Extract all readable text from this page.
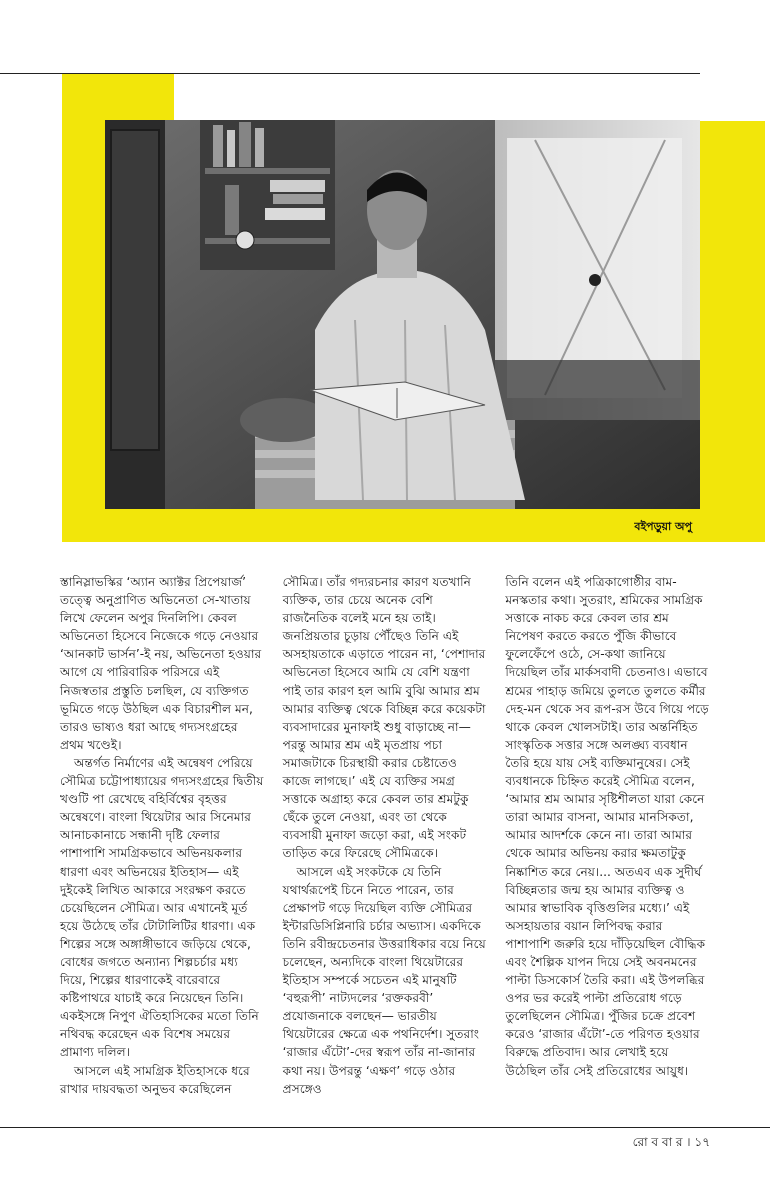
বইপড়ুয়া অপু

স্তানিস্লাভস্কির ‘অ্যান অ্যাক্টর প্রিপেয়ার্জ’ তত্ত্বে অনুপ্রাণিত অভিনেতা সে-খাতায় লিখে ফেলেন অপুর দিনলিপি। কেবল অভিনেতা হিসেবে নিজেকে গড়ে নেওয়ার ‘আনকাট ভার্সন’-ই নয়, অভিনেতা হওয়ার আগে যে পারিবারিক পরিসরে এই নিজস্বতার প্রস্তুতি চলছিল, যে ব্যক্তিগত ভূমিতে গড়ে উঠছিল এক বিচারশীল মন, তারও ভাষ্যও ধরা আছে গদ্যসংগ্রহের প্রথম খণ্ডেই।

অন্তর্গত নির্মাণের এই অন্বেষণ পেরিয়ে সৌমিত্র চট্টোপাধ্যায়ের গদ্যসংগ্রহের দ্বিতীয় খণ্ডটি পা রেখেছে বহির্বিশ্বের বৃহত্তর অন্বেষণে। বাংলা থিয়েটার আর সিনেমার আনাচকানাচে সন্ধানী দৃষ্টি ফেলার পাশাপাশি সামগ্রিকভাবে অভিনয়কলার ধারণা এবং অভিনয়ের ইতিহাস— এই দুইকেই লিখিত আকারে সংরক্ষণ করতে চেয়েছিলেন সৌমিত্র। আর এখানেই মূর্ত হয়ে উঠেছে তাঁর টোটালিটির ধারণা। এক শিল্পের সঙ্গে অঙ্গাঙ্গীভাবে জড়িয়ে থেকে, বোধের জগতে অন্যান্য শিল্পচর্চার মধ্য দিয়ে, শিল্পের ধারণাকেই বারেবারে কষ্টিপাথরে যাচাই করে নিয়েছেন তিনি। একইসঙ্গে নিপুণ ঐতিহাসিকের মতো তিনি নথিবদ্ধ করেছেন এক বিশেষ সময়ের প্রামাণ্য দলিল।

আসলে এই সামগ্রিক ইতিহাসকে ধরে রাখার দায়বদ্ধতা অনুভব করেছিলেন

সৌমিত্র। তাঁর গদ্যরচনার কারণ যতখানি ব্যক্তিক, তার চেয়ে অনেক বেশি রাজনৈতিক বলেই মনে হয় তাই। জনপ্রিয়তার চূড়ায় পৌঁছেও তিনি এই অসহায়তাকে এড়াতে পারেন না, ‘পেশাদার অভিনেতা হিসেবে আমি যে বেশি যন্ত্রণা পাই তার কারণ হল আমি বুঝি আমার শ্রম আমার ব্যক্তিত্ব থেকে বিচ্ছিন্ন করে কয়েকটা ব্যবসাদারের মুনাফাই শুধু বাড়াচ্ছে না— পরন্তু আমার শ্রম এই মৃতপ্রায় পচা সমাজটাকে চিরস্থায়ী করার চেষ্টাতেও কাজে লাগছে।’ এই যে ব্যক্তির সমগ্র সত্তাকে অগ্রাহ্য করে কেবল তার শ্রমটুকু ছেঁকে তুলে নেওয়া, এবং তা থেকে ব্যবসায়ী মুনাফা জড়ো করা, এই সংকট তাড়িত করে ফিরেছে সৌমিত্রকে।

আসলে এই সংকটকে যে তিনি যথার্থরূপেই চিনে নিতে পারেন, তার প্রেক্ষাপট গড়ে দিয়েছিল ব্যক্তি সৌমিত্রর ইন্টারডিসিপ্লিনারি চর্চার অভ্যাস। একদিকে তিনি রবীন্দ্রচেতনার উত্তরাধিকার বয়ে নিয়ে চলেছেন, অন্যদিকে বাংলা থিয়েটারের ইতিহাস সম্পর্কে সচেতন এই মানুষটি ‘বহুরূপী’ নাট্যদলের ‘রক্তকরবী’ প্রযোজনাকে বলছেন— ভারতীয় থিয়েটারের ক্ষেত্রে এক পথনির্দেশ। সুতরাং ‘রাজার এঁটো’-দের স্বরূপ তাঁর না-জানার কথা নয়। উপরন্তু ‘এক্ষণ’ গড়ে ওঠার প্রসঙ্গেও

তিনি বলেন এই পত্রিকাগোষ্ঠীর বাম-মনস্কতার কথা। সুতরাং, শ্রমিকের সামগ্রিক সত্তাকে নাকচ করে কেবল তার শ্রম নিপেষণ করতে করতে পুঁজি কীভাবে ফুলেফেঁপে ওঠে, সে-কথা জানিয়ে দিয়েছিল তাঁর মার্কসবাদী চেতনাও। এভাবে শ্রমের পাহাড় জমিয়ে তুলতে তুলতে কর্মীর দেহ-মন থেকে সব রূপ-রস উবে গিয়ে পড়ে থাকে কেবল খোলসটাই। তার অন্তর্নিহিত সাংস্কৃতিক সত্তার সঙ্গে অলঙ্ঘ্য ব্যবধান তৈরি হয়ে যায় সেই ব্যক্তিমানুষের। সেই ব্যবধানকে চিহ্নিত করেই সৌমিত্র বলেন, ‘আমার শ্রম আমার সৃষ্টিশীলতা যারা কেনে তারা আমার বাসনা, আমার মানসিকতা, আমার আদর্শকে কেনে না। তারা আমার থেকে আমার অভিনয় করার ক্ষমতাটুকু নিষ্কাশিত করে নেয়।... অতএব এক সুদীর্ঘ বিচ্ছিন্নতার জন্ম হয় আমার ব্যক্তিত্ব ও আমার স্বাভাবিক বৃত্তিগুলির মধ্যে।’ এই অসহায়তার বয়ান লিপিবদ্ধ করার পাশাপাশি জরুরি হয়ে দাঁড়িয়েছিল বৌদ্ধিক এবং শৈল্পিক যাপন দিয়ে সেই অবনমনের পাল্টা ডিসকোর্স তৈরি করা। এই উপলব্ধির ওপর ভর করেই পাল্টা প্রতিরোধ গড়ে তুলেছিলেন সৌমিত্র। পুঁজির চক্রে প্রবেশ করেও ‘রাজার এঁটো’-তে পরিণত হওয়ার বিরুদ্ধে প্রতিবাদ। আর লেখাই হয়ে উঠেছিল তাঁর সেই প্রতিরোধের আয়ুধ।

রো ব বা র । ১৭
